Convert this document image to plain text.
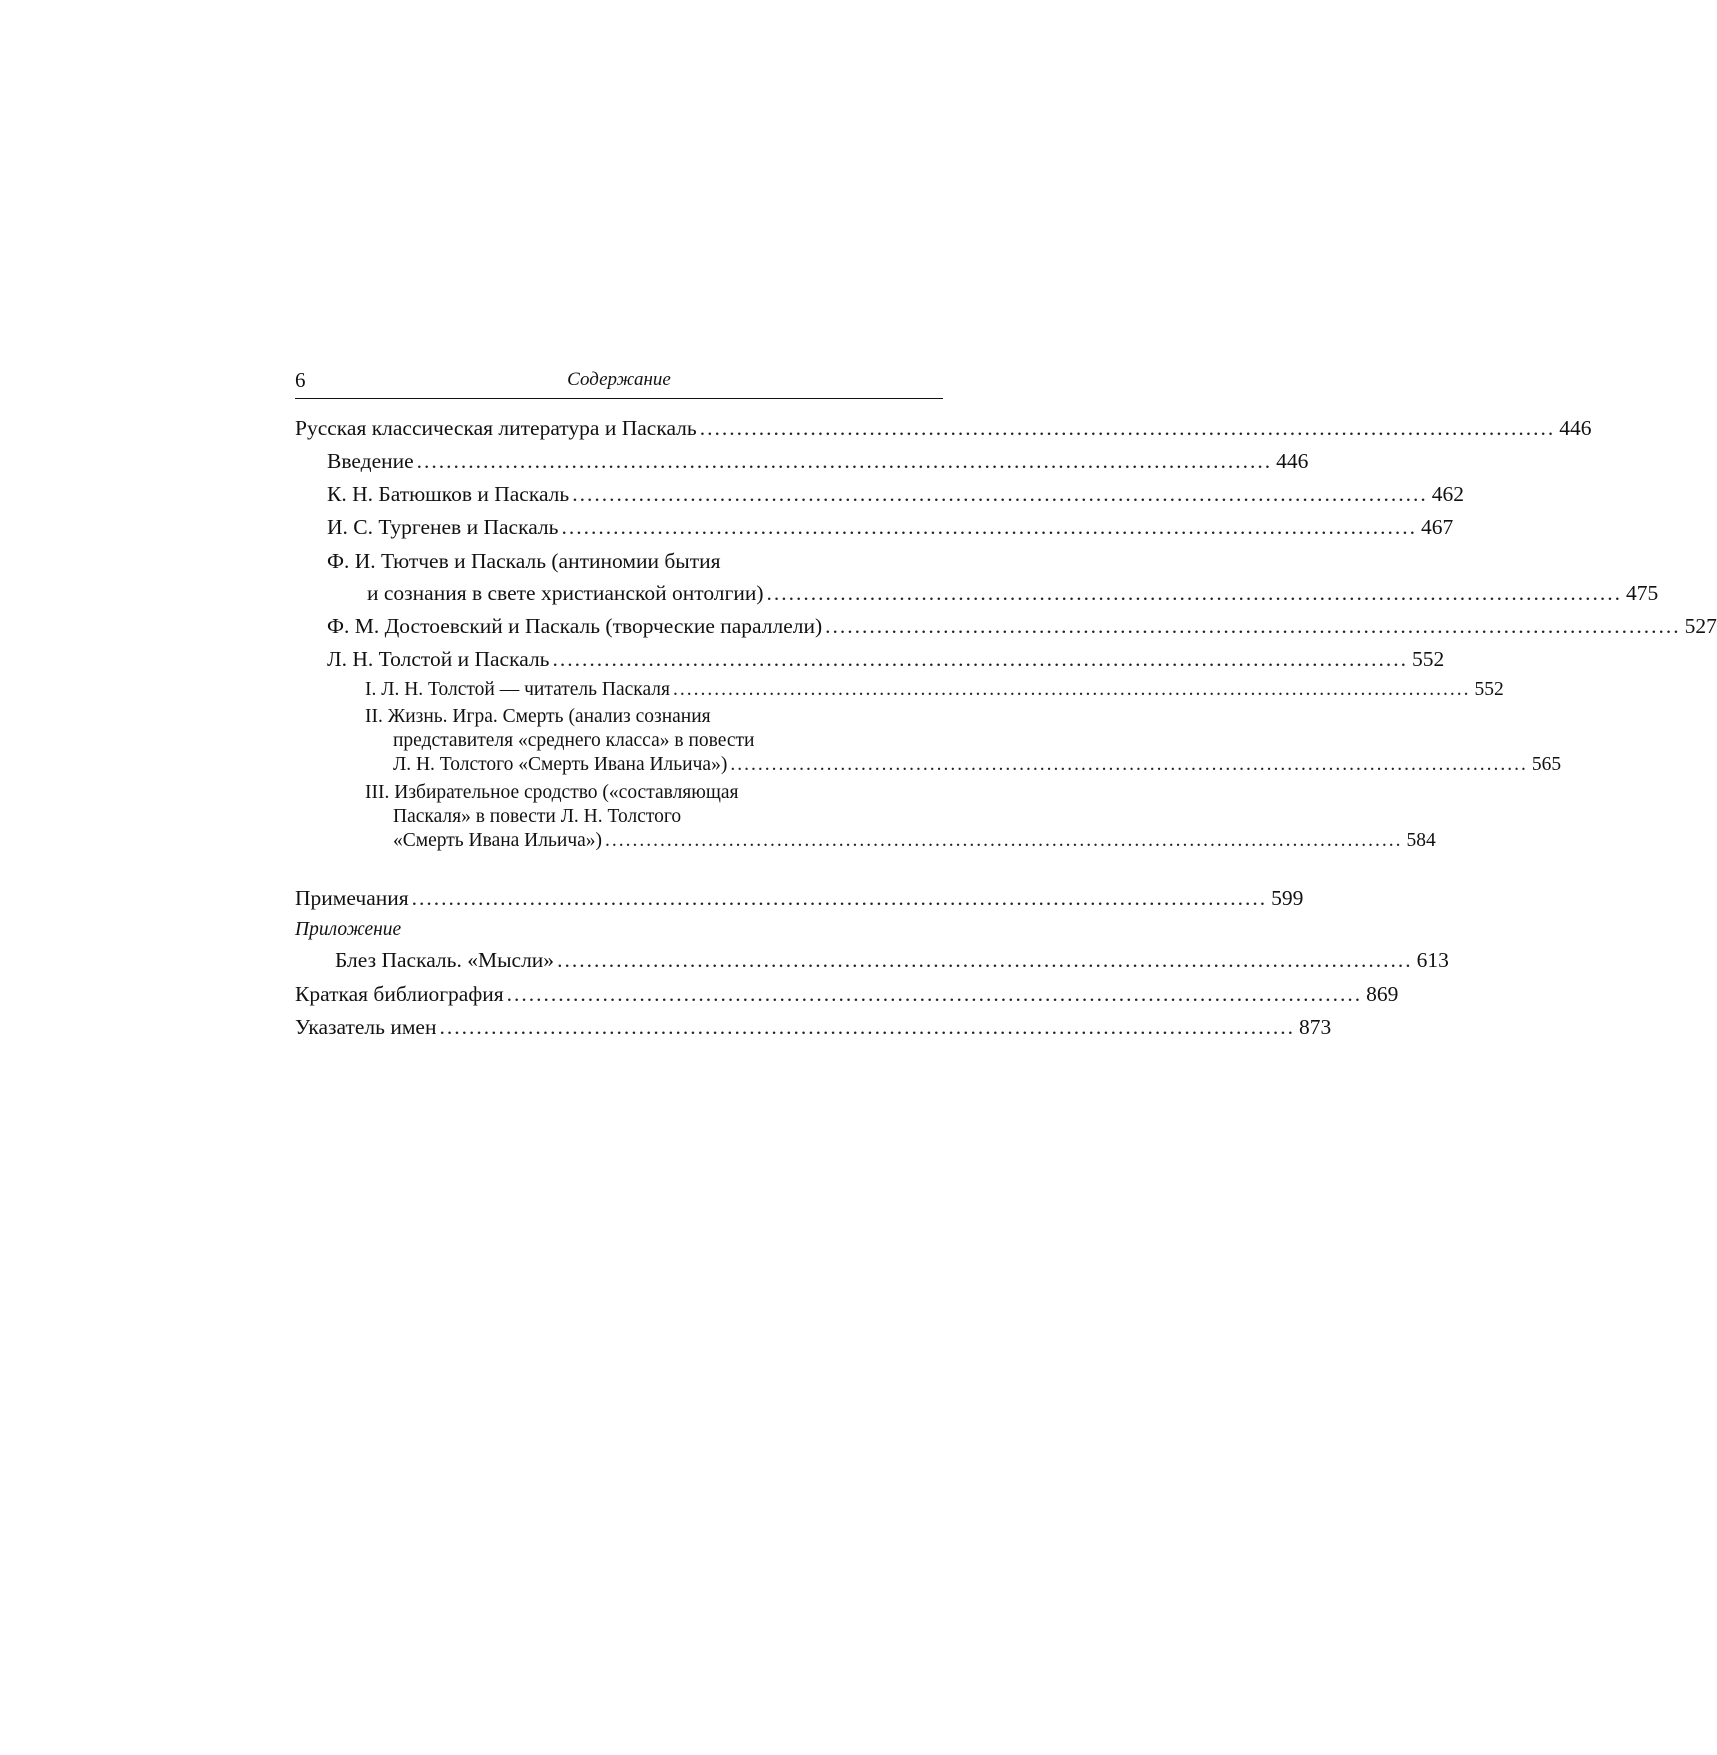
6	Содержание
Русская классическая литература и Паскаль .................................................................................................................... 446
Введение .................................................................................................................... 446
К. Н. Батюшков и Паскаль .................................................................................................................... 462
И. С. Тургенев и Паскаль .................................................................................................................... 467
Ф. И. Тютчев и Паскаль (антиномии бытия
и сознания в свете христианской онтолгии) .................................................................................................................... 475
Ф. М. Достоевский и Паскаль (творческие параллели) .................................................................................................................... 527
Л. Н. Толстой и Паскаль .................................................................................................................... 552
I. Л. Н. Толстой — читатель Паскаля .................................................................................................................... 552
II. Жизнь. Игра. Смерть (анализ сознания
представителя «среднего класса» в повести
Л. Н. Толстого «Смерть Ивана Ильича») .................................................................................................................... 565
III. Избирательное сродство («составляющая
Паскаля» в повести Л. Н. Толстого
«Смерть Ивана Ильича») .................................................................................................................... 584
Примечания .................................................................................................................... 599
Приложение
Блез Паскаль. «Мысли» .................................................................................................................... 613
Краткая библиография .................................................................................................................... 869
Указатель имен .................................................................................................................... 873
